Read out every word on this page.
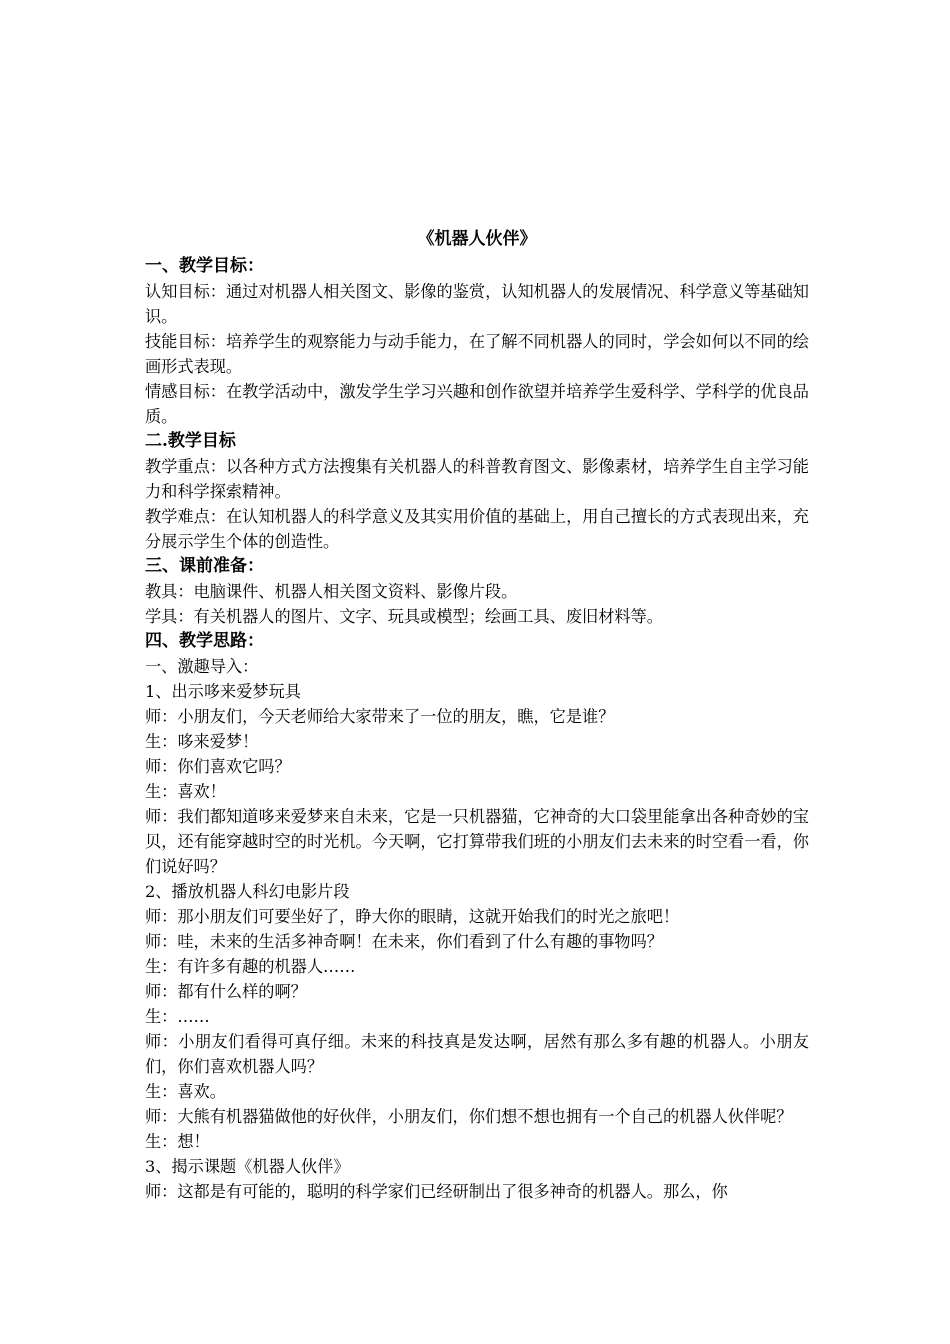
《机器人伙伴》
一、教学目标：
认知目标：通过对机器人相关图文、影像的鉴赏，认知机器人的发展情况、科学意义等基础知识。
技能目标：培养学生的观察能力与动手能力，在了解不同机器人的同时，学会如何以不同的绘画形式表现。
情感目标：在教学活动中，激发学生学习兴趣和创作欲望并培养学生爱科学、学科学的优良品质。
二.教学目标
教学重点：以各种方式方法搜集有关机器人的科普教育图文、影像素材，培养学生自主学习能力和科学探索精神。
教学难点：在认知机器人的科学意义及其实用价值的基础上，用自己擅长的方式表现出来，充分展示学生个体的创造性。
三、课前准备：
教具：电脑课件、机器人相关图文资料、影像片段。
学具：有关机器人的图片、文字、玩具或模型；绘画工具、废旧材料等。
四、教学思路：
一、激趣导入：
1、出示哆来爱梦玩具
师：小朋友们，今天老师给大家带来了一位的朋友，瞧，它是谁？
生：哆来爱梦！
师：你们喜欢它吗？
生：喜欢！
师：我们都知道哆来爱梦来自未来，它是一只机器猫，它神奇的大口袋里能拿出各种奇妙的宝贝，还有能穿越时空的时光机。今天啊，它打算带我们班的小朋友们去未来的时空看一看，你们说好吗？
2、播放机器人科幻电影片段
师：那小朋友们可要坐好了，睁大你的眼睛，这就开始我们的时光之旅吧！
师：哇，未来的生活多神奇啊！在未来，你们看到了什么有趣的事物吗？
生：有许多有趣的机器人……
师：都有什么样的啊？
生：……
师：小朋友们看得可真仔细。未来的科技真是发达啊，居然有那么多有趣的机器人。小朋友们，你们喜欢机器人吗？
生：喜欢。
师：大熊有机器猫做他的好伙伴，小朋友们，你们想不想也拥有一个自己的机器人伙伴呢？
生：想！
3、揭示课题《机器人伙伴》
师：这都是有可能的，聪明的科学家们已经研制出了很多神奇的机器人。那么，你
